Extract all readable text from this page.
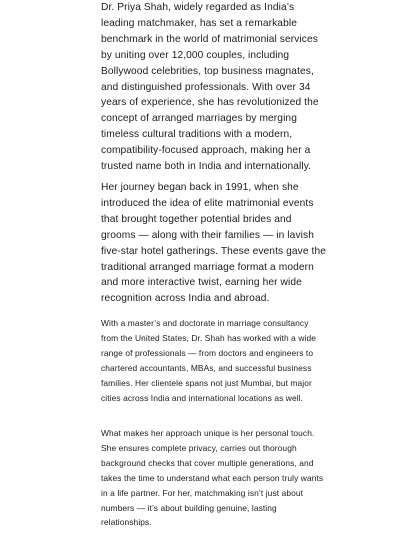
Dr. Priya Shah, widely regarded as India’s leading matchmaker, has set a remarkable benchmark in the world of matrimonial services by uniting over 12,000 couples, including Bollywood celebrities, top business magnates, and distinguished professionals. With over 34 years of experience, she has revolutionized the concept of arranged marriages by merging timeless cultural traditions with a modern, compatibility-focused approach, making her a trusted name both in India and internationally.

Her journey began back in 1991, when she introduced the idea of elite matrimonial events that brought together potential brides and grooms — along with their families — in lavish five-star hotel gatherings. These events gave the traditional arranged marriage format a modern and more interactive twist, earning her wide recognition across India and abroad.

With a master’s and doctorate in marriage consultancy from the United States, Dr. Shah has worked with a wide range of professionals — from doctors and engineers to chartered accountants, MBAs, and successful business families. Her clientele spans not just Mumbai, but major cities across India and international locations as well.

What makes her approach unique is her personal touch. She ensures complete privacy, carries out thorough background checks that cover multiple generations, and takes the time to understand what each person truly wants in a life partner. For her, matchmaking isn’t just about numbers — it’s about building genuine, lasting relationships.
